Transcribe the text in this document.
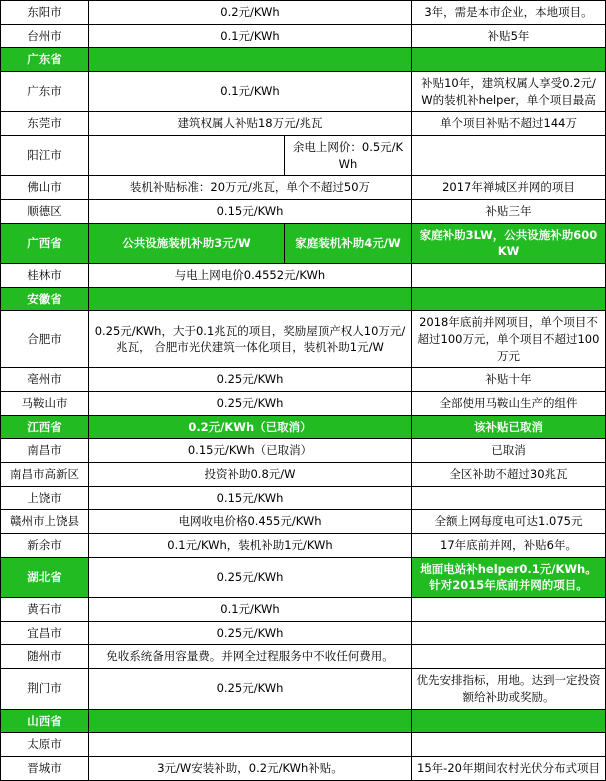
东阳市	0.2元/KWh		3年，需是本市企业，本地项目。
台州市	0.1元/KWh		补贴5年
广东省			
广东市	0.1元/KWh		补贴10年，建筑权属人享受0.2元/W的装机补helper，单个项目最高
东莞市	建筑权属人补贴18万元/兆瓦		单个项目补贴不超过144万
阳江市		余电上网价：0.5元/KWh	
佛山市	装机补贴标准：20万元/兆瓦，单个不超过50万		2017年禅城区并网的项目
顺德区	0.15元/KWh		补贴三年
广西省	公共设施装机补助3元/W	家庭装机补助4元/W	家庭补助3LW，公共设施补助600KW
桂林市	与电上网电价0.4552元/KWh		
安徽省			
合肥市	0.25元/KWh，大于0.1兆瓦的项目，奖励屋顶产权人10万元/兆瓦， 合肥市光伏建筑一体化项目，装机补助1元/W		2018年底前并网项目，单个项目不超过100万元，单个项目不超过100万元
亳州市	0.25元/KWh		补贴十年
马鞍山市	0.25元/KWh		全部使用马鞍山生产的组件
江西省	0.2元/KWh（已取消）		该补贴已取消
南昌市	0.15元/KWh（已取消）		已取消
南昌市高新区	投资补助0.8元/W		全区补助不超过30兆瓦
上饶市	0.15元/KWh		
赣州市上饶县	电网收电价格0.455元/KWh		全额上网每度电可达1.075元
新余市	0.1元/KWh，装机补助1元/KWh		17年底前并网，补贴6年。
湖北省	0.25元/KWh		地面电站补helper0.1元/KWh。针对2015年底前并网的项目。
黄石市	0.1元/KWh		
宜昌市	0.25元/KWh		
随州市	免收系统备用容量费。并网全过程服务中不收任何费用。		
荆门市	0.25元/KWh		优先安排指标，用地。达到一定投资额给补助或奖励。
山西省			
太原市			
晋城市	3元/W安装补助，0.2元/KWh补贴。		15年-20年期间农村光伏分布式项目
